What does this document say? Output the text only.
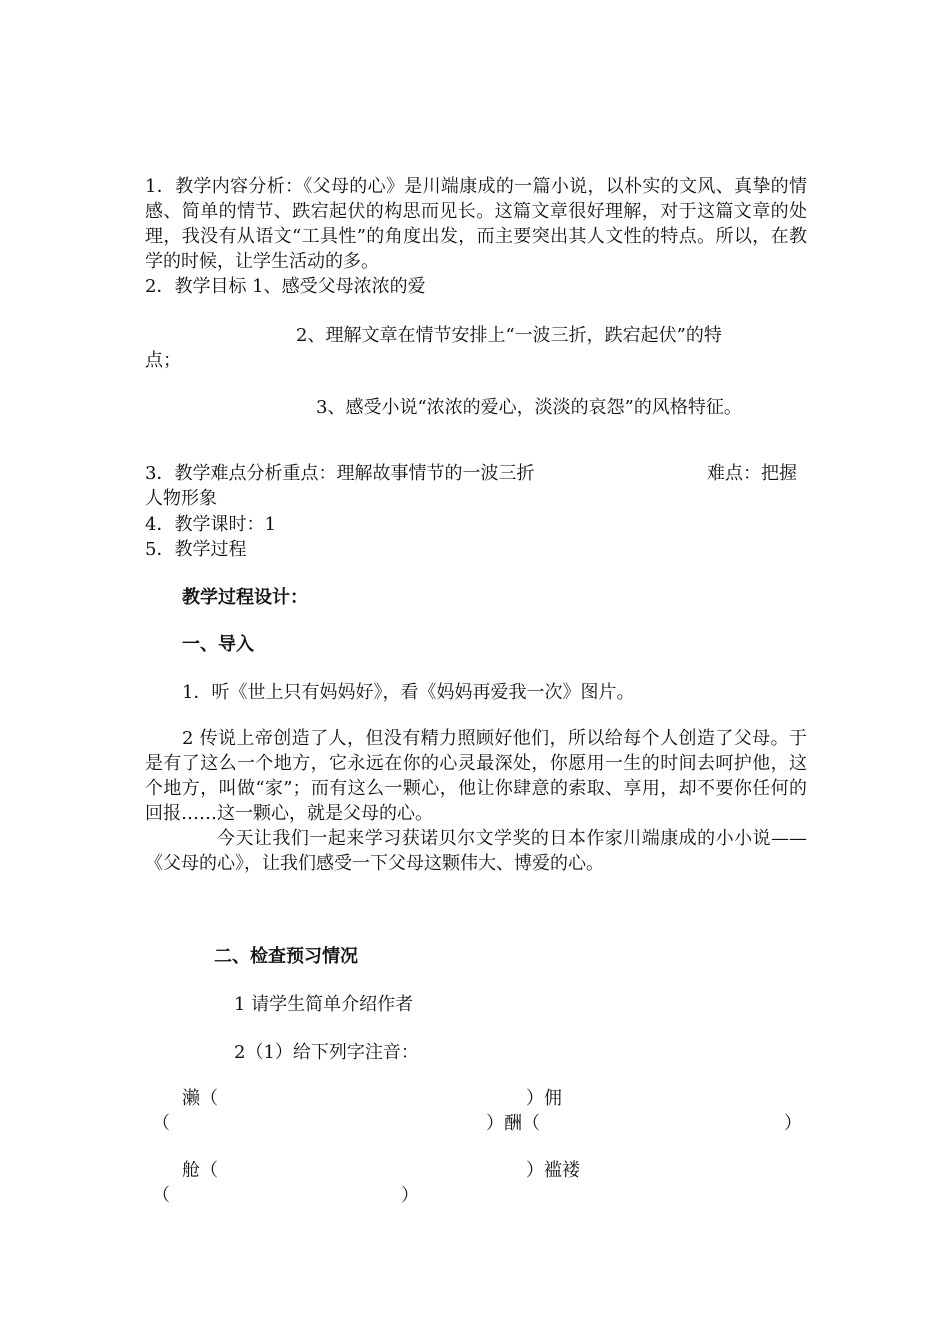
1．教学内容分析：《父母的心》是川端康成的一篇小说，以朴实的文风、真挚的情感、简单的情节、跌宕起伏的构思而见长。这篇文章很好理解，对于这篇文章的处理，我没有从语文“工具性”的角度出发，而主要突出其人文性的特点。所以，在教学的时候，让学生活动的多。
2．教学目标 1、感受父母浓浓的爱
2、理解文章在情节安排上“一波三折，跌宕起伏”的特
点；
3、感受小说“浓浓的爱心，淡淡的哀怨”的风格特征。
3．教学难点分析重点：理解故事情节的一波三折	难点：把握
人物形象
4．教学课时：1
5．教学过程
教学过程设计：
一、导入
1．听《世上只有妈妈好》，看《妈妈再爱我一次》图片。
2 传说上帝创造了人，但没有精力照顾好他们，所以给每个人创造了父母。于是有了这么一个地方，它永远在你的心灵最深处，你愿用一生的时间去呵护他，这个地方，叫做“家”；而有这么一颗心，他让你肆意的索取、享用，却不要你任何的回报……这一颗心，就是父母的心。
今天让我们一起来学习获诺贝尔文学奖的日本作家川端康成的小小说——《父母的心》，让我们感受一下父母这颗伟大、博爱的心。
二、检查预习情况
1 请学生简单介绍作者
2（1）给下列字注音：
濑（	）佣
（	）酬（	）
舱（	）褴褛
（	）
